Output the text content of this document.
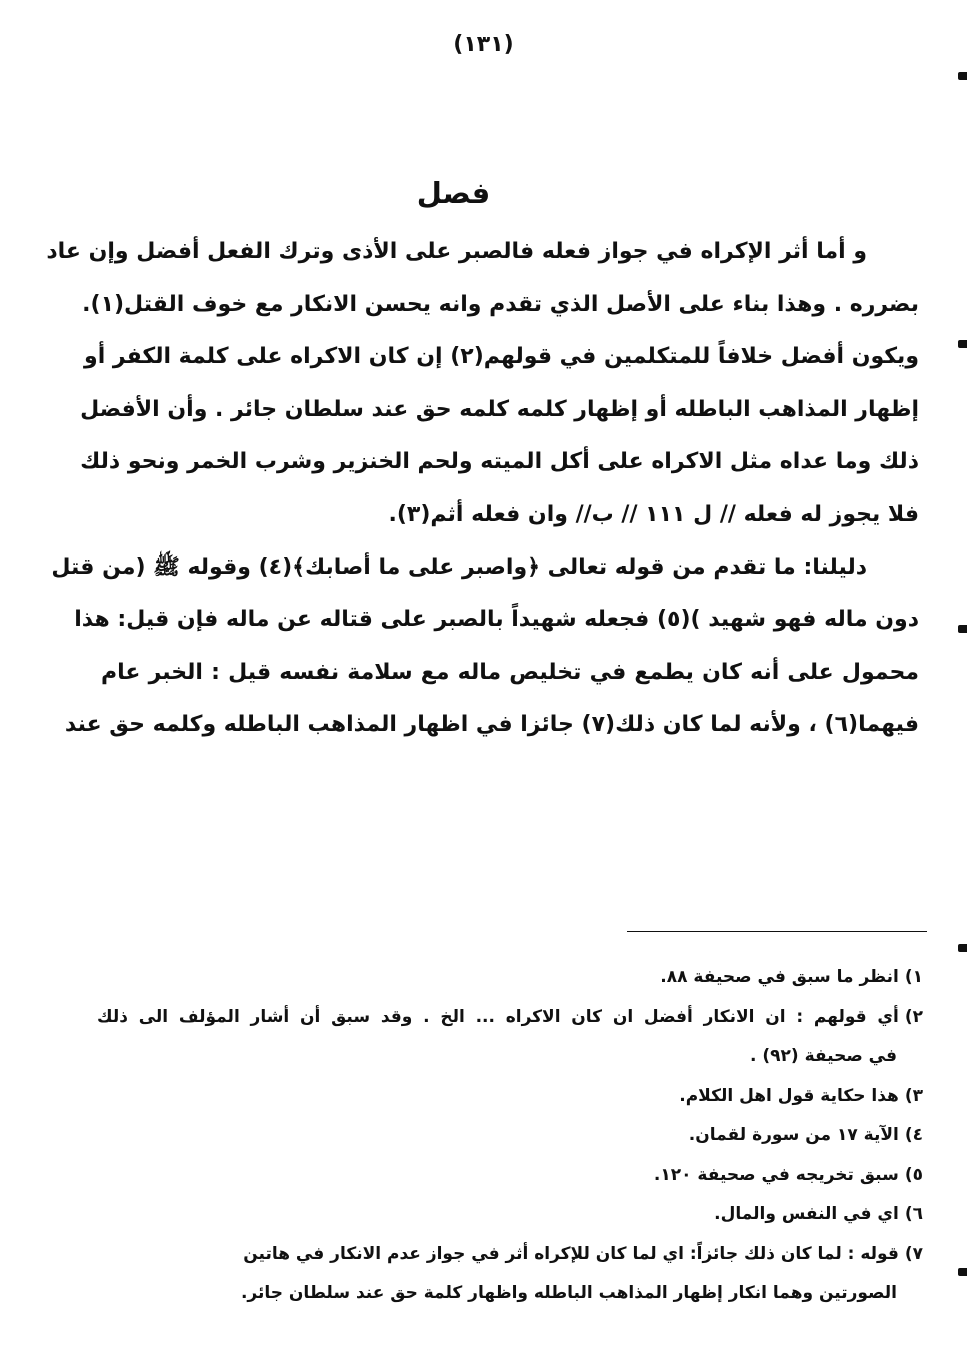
(١٣١)
فصل
و أما أثر الإكراه في جواز فعله فالصبر على الأذى وترك الفعل أفضل وإن عاد
بضرره . وهذا بناء على الأصل الذي تقدم وانه يحسن الانكار مع خوف القتل(١).
ويكون أفضل خلافاً للمتكلمين في قولهم(٢) إن كان الاكراه على كلمة الكفر أو
إظهار المذاهب الباطله أو إظهار كلمه كلمه حق عند سلطان جائر . وأن الأفضل
ذلك وما عداه مثل الاكراه على أكل الميته ولحم الخنزير وشرب الخمر ونحو ذلك
فلا يجوز له فعله // ل ١١١ // ب// وان فعله أثم(٣).
دليلنا: ما تقدم من قوله تعالى ﴿واصبر على ما أصابك﴾(٤) وقوله ﷺ (من قتل
دون ماله فهو شهيد )(٥) فجعله شهيداً بالصبر على قتاله عن ماله فإن قيل: هذا
محمول على أنه كان يطمع في تخليص ماله مع سلامة نفسه قيل : الخبر عام
فيهما(٦) ، ولأنه لما كان ذلك(٧) جائزا في اظهار المذاهب الباطله وكلمه حق عند
١)انظر ما سبق في صحيفة ٨٨.
٢)أي قولهم : ان الانكار أفضل ان كان الاكراه ... الخ . وقد سبق أن أشار المؤلف الى ذلك
في صحيفة (٩٢) .
٣)هذا حكاية قول اهل الكلام.
٤)الآية ١٧ من سورة لقمان.
٥)سبق تخريجه في صحيفة ١٢٠.
٦)اي في النفس والمال.
٧)قوله : لما كان ذلك جائزاً: اي لما كان للإكراه أثر في جواز عدم الانكار في هاتين
الصورتين وهما انكار إظهار المذاهب الباطله واظهار كلمة حق عند سلطان جائر.
